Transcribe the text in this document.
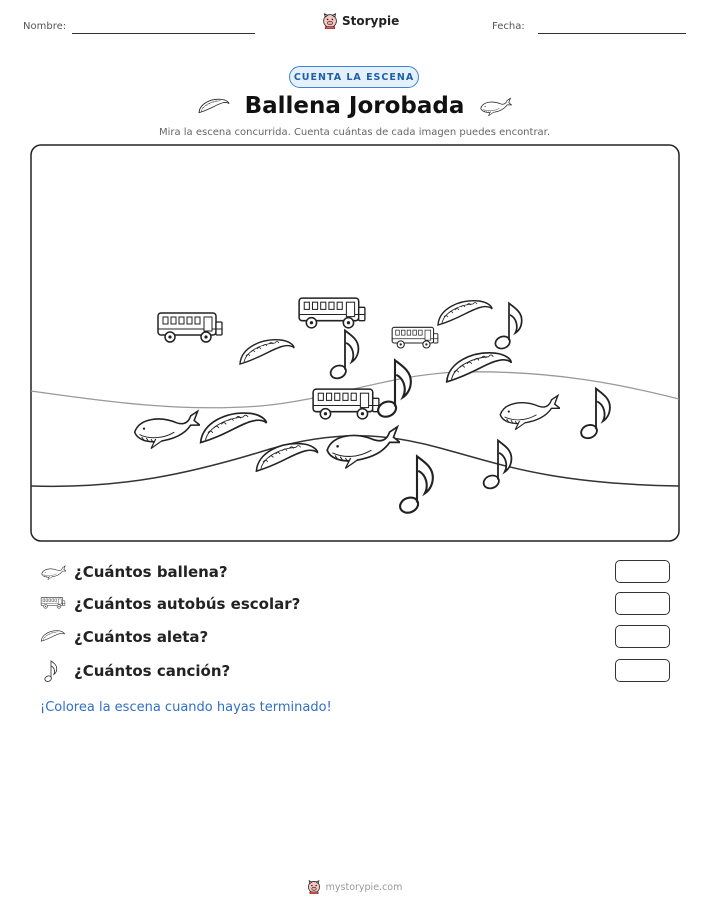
Nombre:	Storypie	Fecha:
CUENTA LA ESCENA
Ballena Jorobada
Mira la escena concurrida. Cuenta cuántas de cada imagen puedes encontrar.
¿Cuántos ballena?
¿Cuántos autobús escolar?
¿Cuántos aleta?
¿Cuántos canción?
¡Colorea la escena cuando hayas terminado!
mystorypie.com
